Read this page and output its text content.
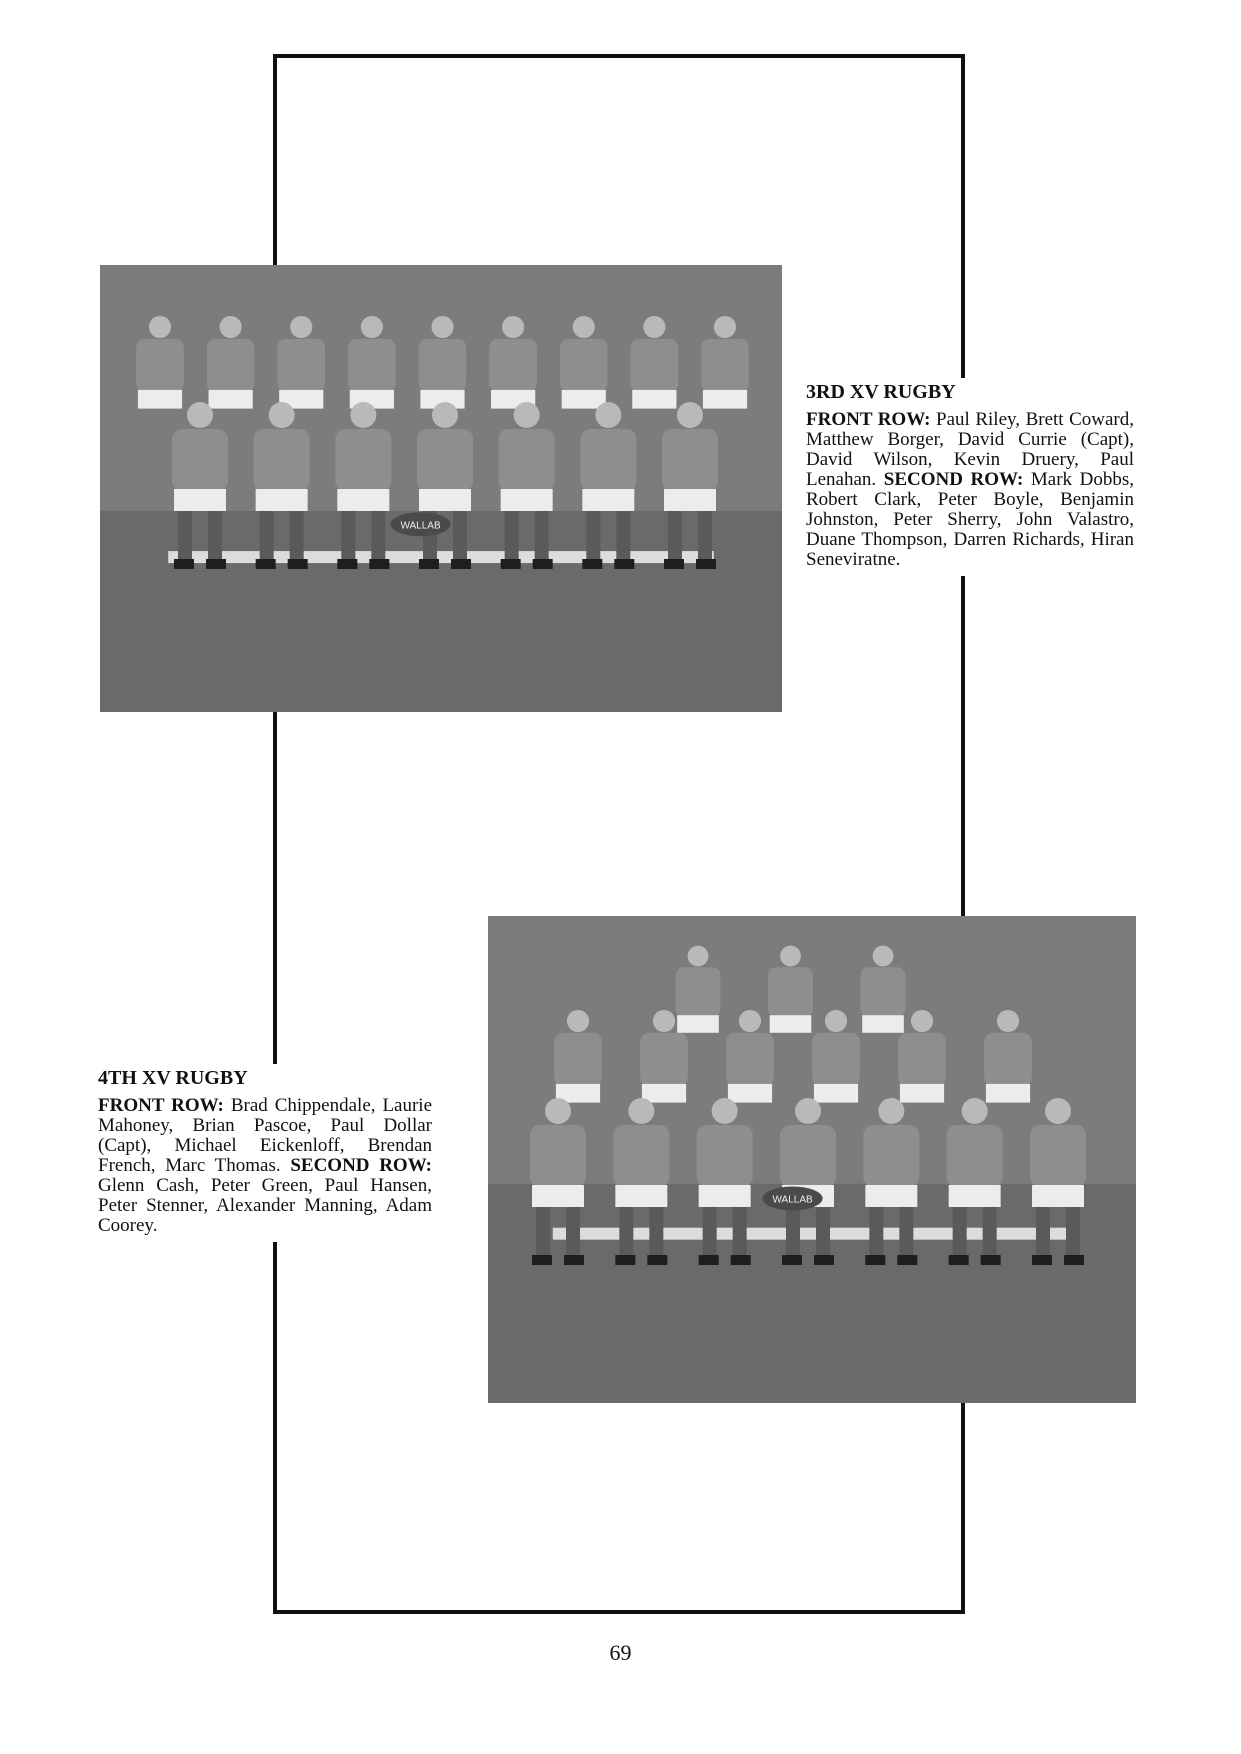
WALLAB
3RD XV RUGBY

FRONT ROW: Paul Riley, Brett Coward, Matthew Borger, David Currie (Capt), David Wilson, Kevin Druery, Paul Lenahan. SECOND ROW: Mark Dobbs, Robert Clark, Peter Boyle, Benjamin Johnston, Peter Sherry, John Valastro, Duane Thompson, Darren Richards, Hiran Seneviratne.

WALLAB
4TH XV RUGBY

FRONT ROW: Brad Chippendale, Laurie Mahoney, Brian Pascoe, Paul Dollar (Capt), Michael Eickenloff, Brendan French, Marc Thomas. SECOND ROW: Glenn Cash, Peter Green, Paul Hansen, Peter Stenner, Alexander Manning, Adam Coorey.

69
